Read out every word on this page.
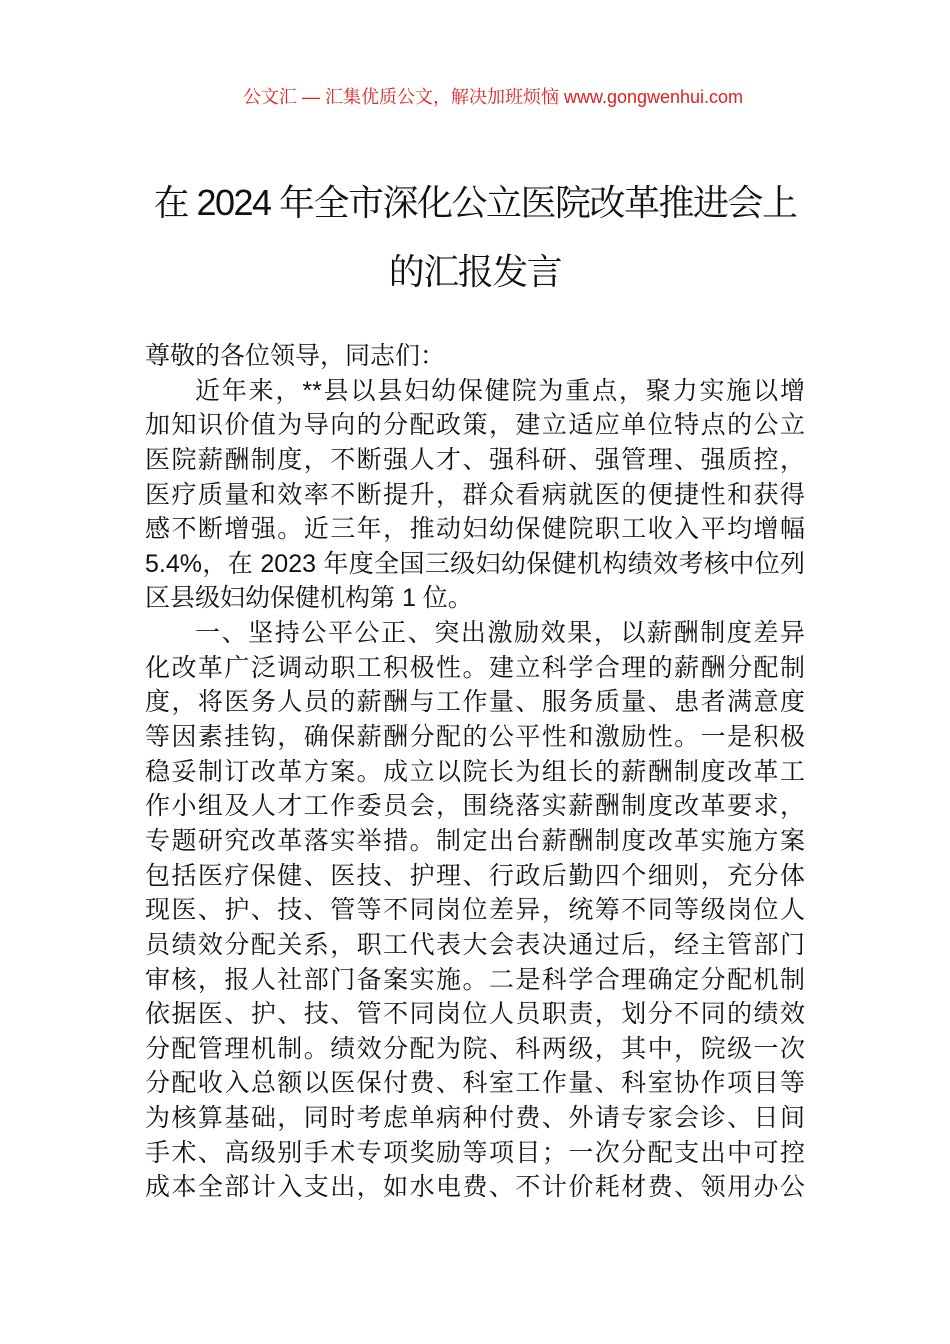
公文汇 — 汇集优质公文，解决加班烦恼 www.gongwenhui.com
在 2024 年全市深化公立医院改革推进会上
的汇报发言
尊敬的各位领导，同志们：
近年来，**县以县妇幼保健院为重点，聚力实施以增
加知识价值为导向的分配政策，建立适应单位特点的公立
医院薪酬制度，不断强人才、强科研、强管理、强质控，
医疗质量和效率不断提升，群众看病就医的便捷性和获得
感不断增强。近三年，推动妇幼保健院职工收入平均增幅
5.4%，在 2023 年度全国三级妇幼保健机构绩效考核中位列
区县级妇幼保健机构第 1 位。
一、坚持公平公正、突出激励效果，以薪酬制度差异
化改革广泛调动职工积极性。建立科学合理的薪酬分配制
度，将医务人员的薪酬与工作量、服务质量、患者满意度
等因素挂钩，确保薪酬分配的公平性和激励性。一是积极
稳妥制订改革方案。成立以院长为组长的薪酬制度改革工
作小组及人才工作委员会，围绕落实薪酬制度改革要求，
专题研究改革落实举措。制定出台薪酬制度改革实施方案
包括医疗保健、医技、护理、行政后勤四个细则，充分体
现医、护、技、管等不同岗位差异，统筹不同等级岗位人
员绩效分配关系，职工代表大会表决通过后，经主管部门
审核，报人社部门备案实施。二是科学合理确定分配机制
依据医、护、技、管不同岗位人员职责，划分不同的绩效
分配管理机制。绩效分配为院、科两级，其中，院级一次
分配收入总额以医保付费、科室工作量、科室协作项目等
为核算基础，同时考虑单病种付费、外请专家会诊、日间
手术、高级别手术专项奖励等项目；一次分配支出中可控
成本全部计入支出，如水电费、不计价耗材费、领用办公
